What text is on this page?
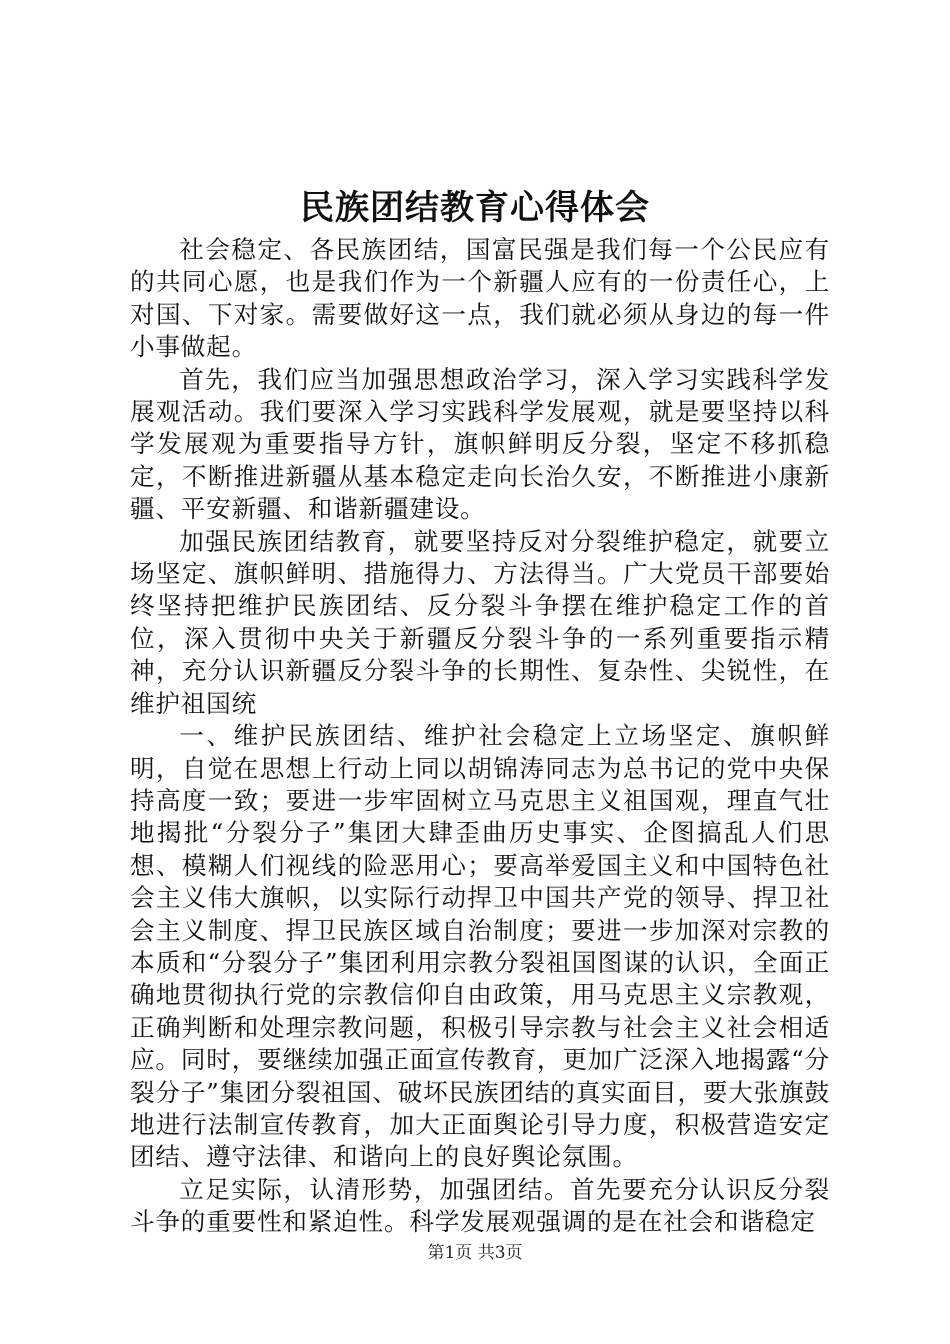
民族团结教育心得体会

社会稳定、各民族团结，国富民强是我们每一个公民应有的共同心愿，也是我们作为一个新疆人应有的一份责任心，上对国、下对家。需要做好这一点，我们就必须从身边的每一件小事做起。

首先，我们应当加强思想政治学习，深入学习实践科学发展观活动。我们要深入学习实践科学发展观，就是要坚持以科学发展观为重要指导方针，旗帜鲜明反分裂，坚定不移抓稳定，不断推进新疆从基本稳定走向长治久安，不断推进小康新疆、平安新疆、和谐新疆建设。

加强民族团结教育，就要坚持反对分裂维护稳定，就要立场坚定、旗帜鲜明、措施得力、方法得当。广大党员干部要始终坚持把维护民族团结、反分裂斗争摆在维护稳定工作的首位，深入贯彻中央关于新疆反分裂斗争的一系列重要指示精神，充分认识新疆反分裂斗争的长期性、复杂性、尖锐性，在维护祖国统

一、维护民族团结、维护社会稳定上立场坚定、旗帜鲜明，自觉在思想上行动上同以胡锦涛同志为总书记的党中央保持高度一致；要进一步牢固树立马克思主义祖国观，理直气壮地揭批“分裂分子”集团大肆歪曲历史事实、企图搞乱人们思想、模糊人们视线的险恶用心；要高举爱国主义和中国特色社会主义伟大旗帜，以实际行动捍卫中国共产党的领导、捍卫社会主义制度、捍卫民族区域自治制度；要进一步加深对宗教的本质和“分裂分子”集团利用宗教分裂祖国图谋的认识，全面正确地贯彻执行党的宗教信仰自由政策，用马克思主义宗教观，正确判断和处理宗教问题，积极引导宗教与社会主义社会相适应。同时，要继续加强正面宣传教育，更加广泛深入地揭露“分裂分子”集团分裂祖国、破坏民族团结的真实面目，要大张旗鼓地进行法制宣传教育，加大正面舆论引导力度，积极营造安定团结、遵守法律、和谐向上的良好舆论氛围。

立足实际，认清形势，加强团结。首先要充分认识反分裂斗争的重要性和紧迫性。科学发展观强调的是在社会和谐稳定

第1页 共3页
